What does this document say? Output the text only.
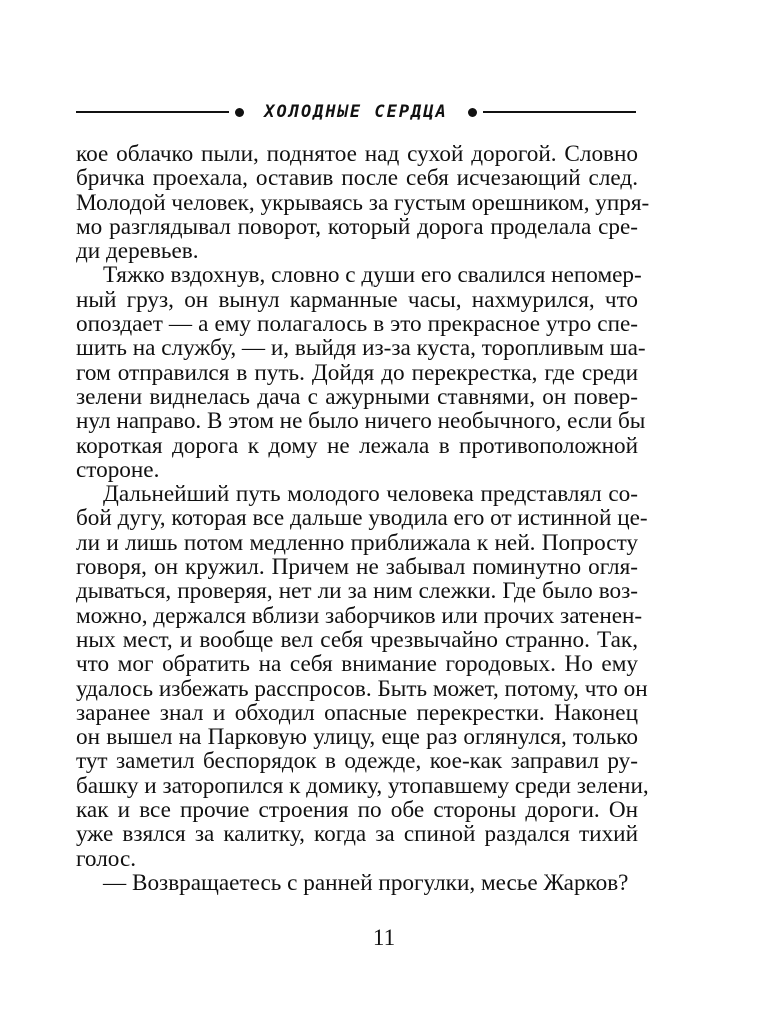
ХОЛОДНЫЕ СЕРДЦА
кое облачко пыли, поднятое над сухой дорогой. Словно
бричка проехала, оставив после себя исчезающий след.
Молодой человек, укрываясь за густым орешником, упря-
мо разглядывал поворот, который дорога проделала сре-
ди деревьев.
Тяжко вздохнув, словно с души его свалился непомер-
ный груз, он вынул карманные часы, нахмурился, что
опоздает — а ему полагалось в это прекрасное утро спе-
шить на службу, — и, выйдя из-за куста, торопливым ша-
гом отправился в путь. Дойдя до перекрестка, где среди
зелени виднелась дача с ажурными ставнями, он повер-
нул направо. В этом не было ничего необычного, если бы
короткая дорога к дому не лежала в противоположной
стороне.
Дальнейший путь молодого человека представлял со-
бой дугу, которая все дальше уводила его от истинной це-
ли и лишь потом медленно приближала к ней. Попросту
говоря, он кружил. Причем не забывал поминутно огля-
дываться, проверяя, нет ли за ним слежки. Где было воз-
можно, держался вблизи заборчиков или прочих затенен-
ных мест, и вообще вел себя чрезвычайно странно. Так,
что мог обратить на себя внимание городовых. Но ему
удалось избежать расспросов. Быть может, потому, что он
заранее знал и обходил опасные перекрестки. Наконец
он вышел на Парковую улицу, еще раз оглянулся, только
тут заметил беспорядок в одежде, кое-как заправил ру-
башку и заторопился к домику, утопавшему среди зелени,
как и все прочие строения по обе стороны дороги. Он
уже взялся за калитку, когда за спиной раздался тихий
голос.
— Возвращаетесь с ранней прогулки, месье Жарков?
11
